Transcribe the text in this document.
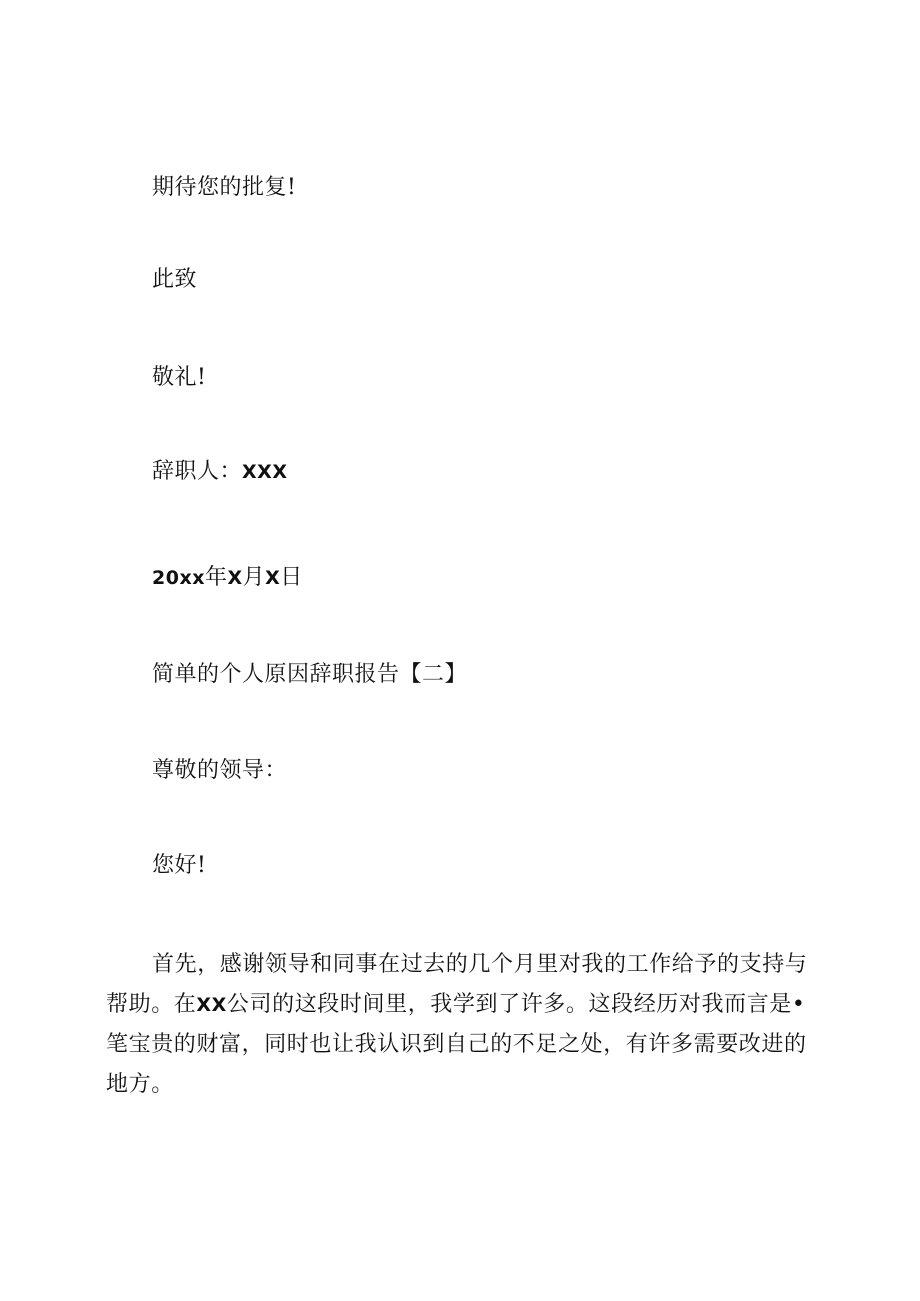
期待您的批复!
此致
敬礼!
辞职人：XXX
20xx年X月X日
简单的个人原因辞职报告【二】
尊敬的领导：
您好!
首先，感谢领导和同事在过去的几个月里对我的工作给予的支持与
帮助。在XX公司的这段时间里，我学到了许多。这段经历对我而言是•
笔宝贵的财富，同时也让我认识到自己的不足之处，有许多需要改进的
地方。
